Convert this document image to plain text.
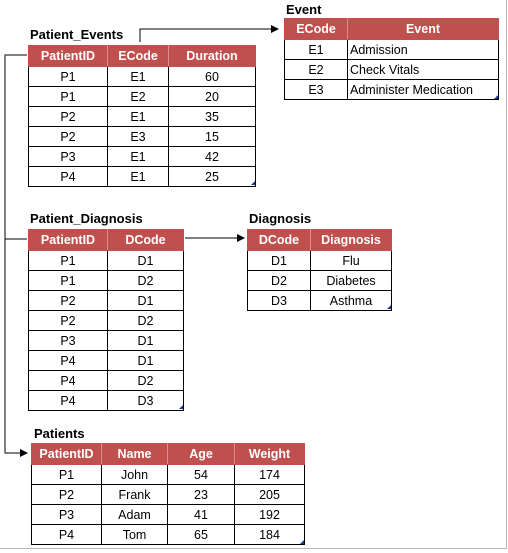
Patient_Events
PatientID	ECode	Duration
P1	E1	60
P1	E2	20
P2	E1	35
P2	E3	15
P3	E1	42
P4	E1	25
Event
ECode	Event
E1	Admission
E2	Check Vitals
E3	Administer Medication
Patient_Diagnosis
PatientID	DCode
P1	D1
P1	D2
P2	D1
P2	D2
P3	D1
P4	D1
P4	D2
P4	D3
Diagnosis
DCode	Diagnosis
D1	Flu
D2	Diabetes
D3	Asthma
Patients
PatientID	Name	Age	Weight
P1	John	54	174
P2	Frank	23	205
P3	Adam	41	192
P4	Tom	65	184
